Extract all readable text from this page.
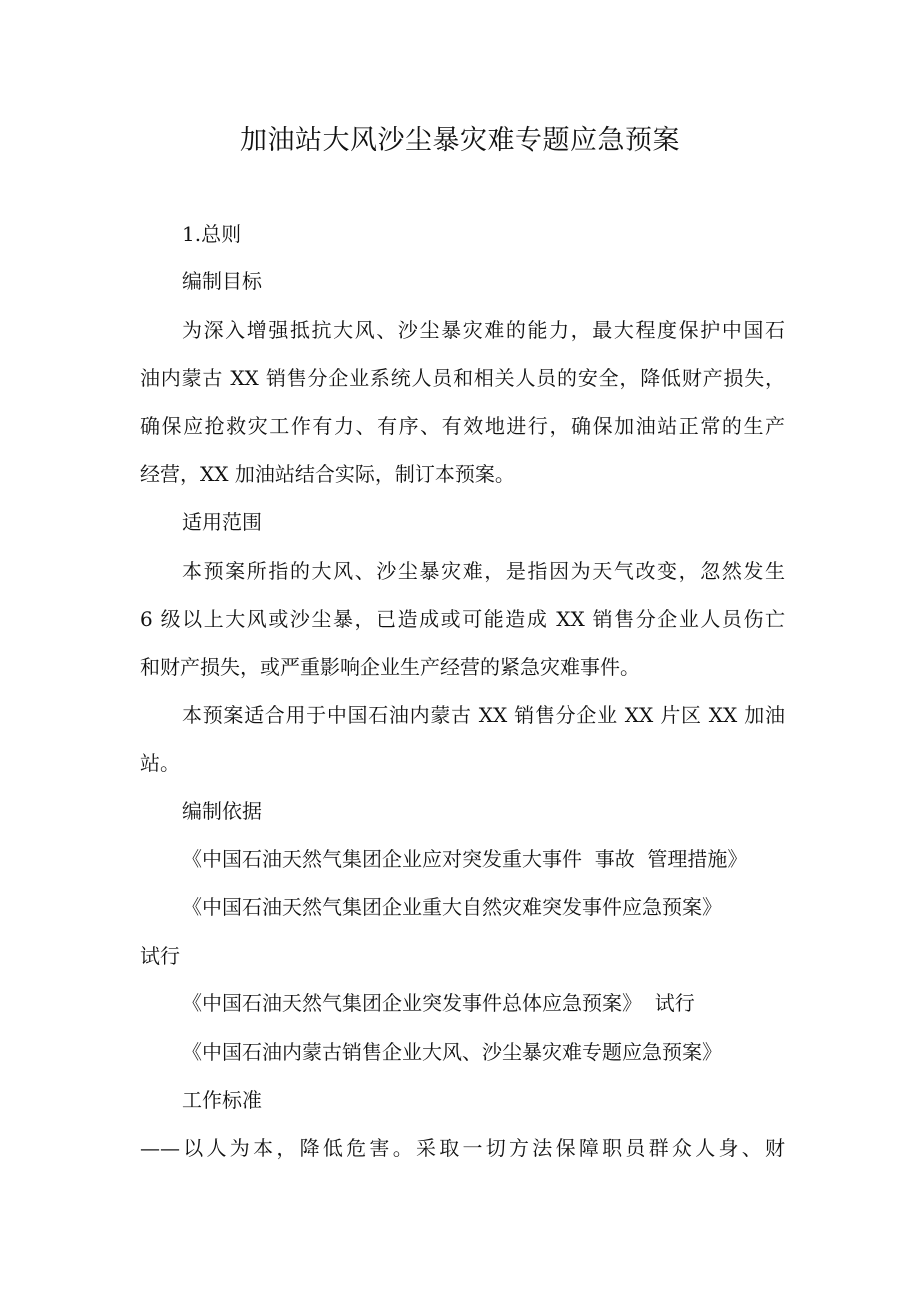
加油站大风沙尘暴灾难专题应急预案
1.总则
编制目标
为深入增强抵抗大风、沙尘暴灾难的能力，最大程度保护中国石
油内蒙古 XX 销售分企业系统人员和相关人员的安全，降低财产损失，
确保应抢救灾工作有力、有序、有效地进行，确保加油站正常的生产
经营，XX 加油站结合实际，制订本预案。
适用范围
本预案所指的大风、沙尘暴灾难，是指因为天气改变，忽然发生
6 级以上大风或沙尘暴，已造成或可能造成 XX 销售分企业人员伤亡
和财产损失，或严重影响企业生产经营的紧急灾难事件。
本预案适合用于中国石油内蒙古 XX 销售分企业 XX 片区 XX 加油
站。
编制依据
《中国石油天然气集团企业应对突发重大事件  事故  管理措施》
《中国石油天然气集团企业重大自然灾难突发事件应急预案》
试行
《中国石油天然气集团企业突发事件总体应急预案》  试行
《中国石油内蒙古销售企业大风、沙尘暴灾难专题应急预案》
工作标准
——以人为本，降低危害。采取一切方法保障职员群众人身、财
